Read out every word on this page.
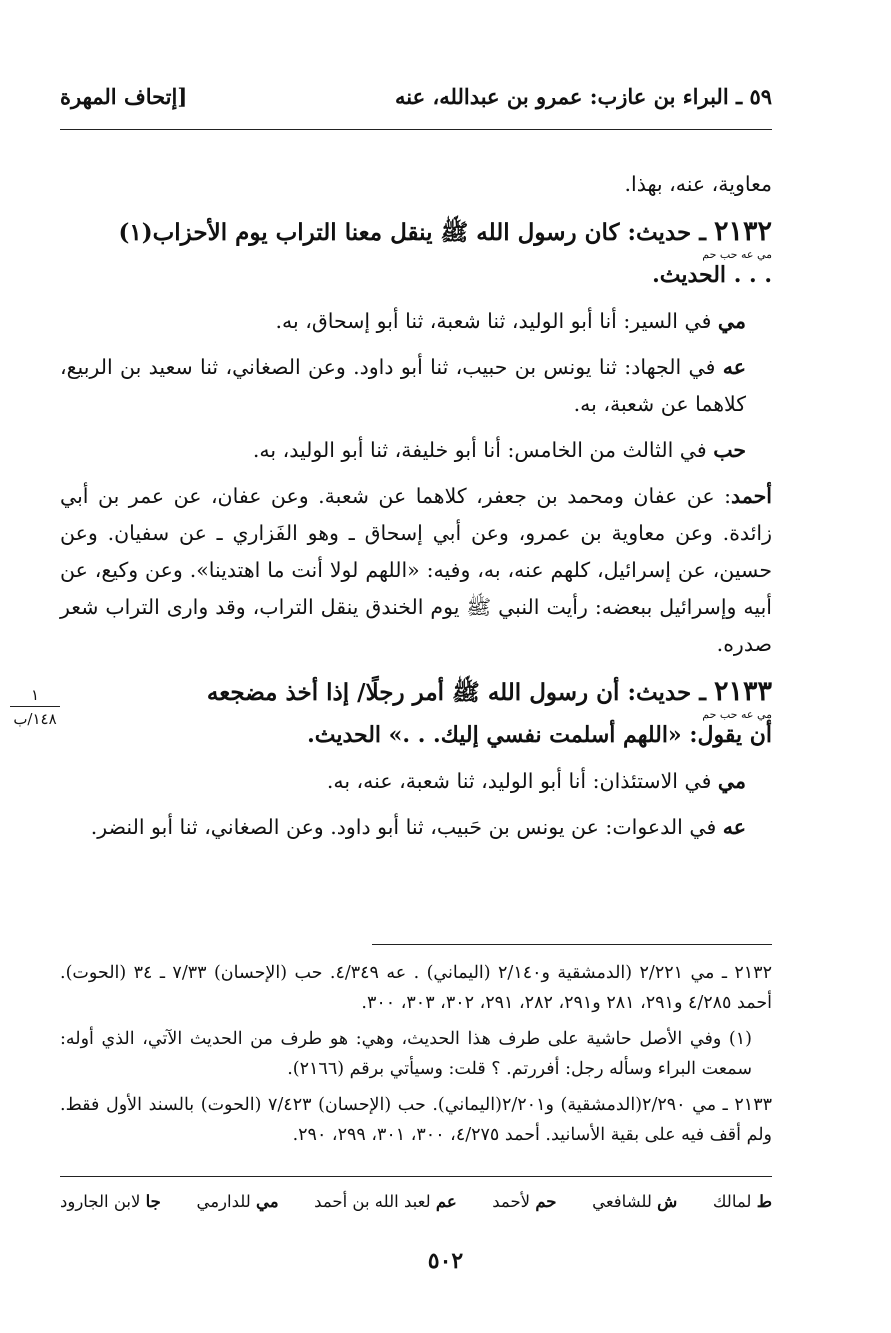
٥٩ ـ البراء بن عازب: عمرو بن عبدالله، عنه
[إتحاف المهرة

معاوية، عنه، بهذا.

٢١٣٢ ـ حديث: كان رسول الله ﷺ ينقل معنا التراب يوم الأحزاب(١)

مي عه حب حم

. . . الحديث.

مي في السير: أنا أبو الوليد، ثنا شعبة، ثنا أبو إسحاق، به.

عه في الجهاد: ثنا يونس بن حبيب، ثنا أبو داود. وعن الصغاني، ثنا سعيد بن الربيع، كلاهما عن شعبة، به.

حب في الثالث من الخامس: أنا أبو خليفة، ثنا أبو الوليد، به.

أحمد: عن عفان ومحمد بن جعفر، كلاهما عن شعبة. وعن عفان، عن عمر بن أبي زائدة. وعن معاوية بن عمرو، وعن أبي إسحاق ـ وهو الفَزاري ـ عن سفيان. وعن حسين، عن إسرائيل، كلهم عنه، به، وفيه: «اللهم لولا أنت ما اهتدينا». وعن وكيع، عن أبيه وإسرائيل ببعضه: رأيت النبي ﷺ يوم الخندق ينقل التراب، وقد وارى التراب شعر صدره.

٢١٣٣ ـ حديث: أن رسول الله ﷺ أمر رجلًا/ إذا أخذ مضجعه

مي عه حب حم

أن يقول: «اللهم أسلمت نفسي إليك. . .» الحديث.

مي في الاستئذان: أنا أبو الوليد، ثنا شعبة، عنه، به.

عه في الدعوات: عن يونس بن حَبيب، ثنا أبو داود. وعن الصغاني، ثنا أبو النضر.

١
١٤٨/ب

٢١٣٢ ـ مي ٢/٢٢١ (الدمشقية و٢/١٤٠ (اليماني) . عه ٤/٣٤٩. حب (الإحسان) ٧/٣٣ ـ ٣٤ (الحوت). أحمد ٤/٢٨٥ و٢٩١، ٢٨١ و٢٩١، ٢٨٢، ٢٩١، ٣٠٢، ٣٠٣، ٣٠٠.

(١) وفي الأصل حاشية على طرف هذا الحديث، وهي: هو طرف من الحديث الآتي، الذي أوله: سمعت البراء وسأله رجل: أفررتم. ؟ قلت: وسيأتي برقم (٢١٦٦).

٢١٣٣ ـ مي ٢/٢٩٠(الدمشقية) و٢/٢٠١(اليماني). حب (الإحسان) ٧/٤٢٣ (الحوت) بالسند الأول فقط. ولم أقف فيه على بقية الأسانيد. أحمد ٤/٢٧٥، ٣٠٠، ٣٠١، ٢٩٩، ٢٩٠.

ط لمالك
ش للشافعي
حم لأحمد
عم لعبد الله بن أحمد
مي للدارمي
جا لابن الجارود
٥٠٢
